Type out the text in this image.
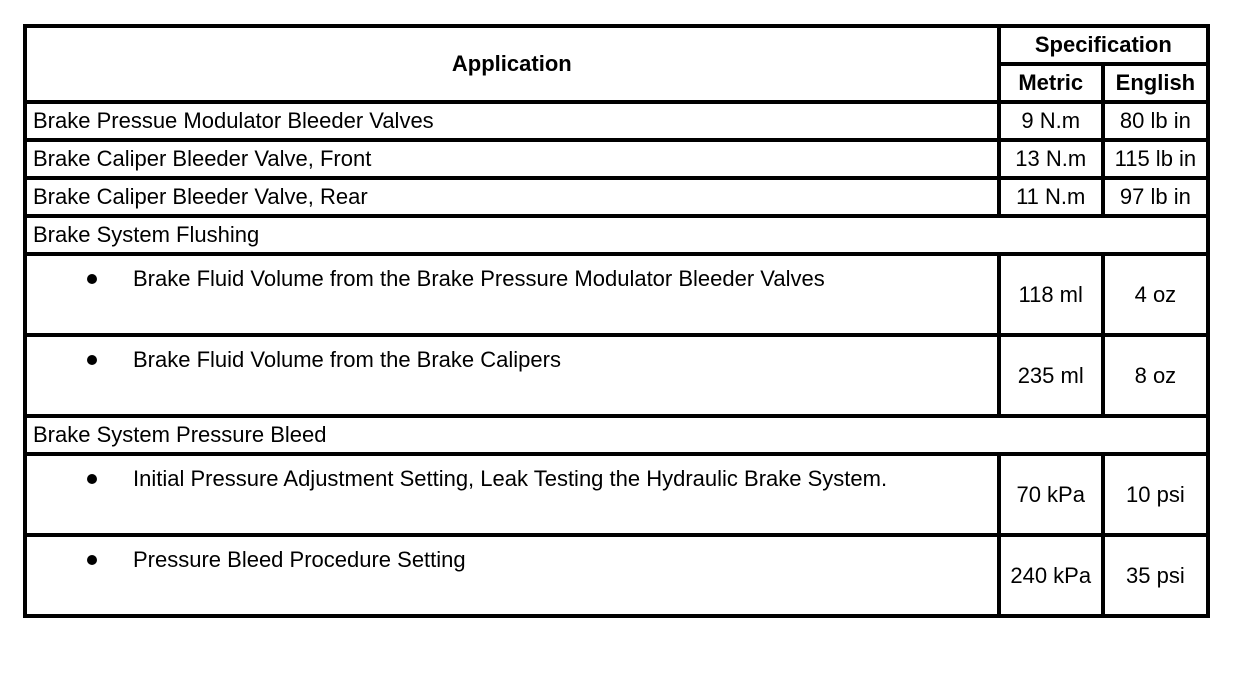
Application	Specification	
	Metric	English
Brake Pressue Modulator Bleeder Valves	9 N.m	80 lb in
Brake Caliper Bleeder Valve, Front	13 N.m	115 lb in
Brake Caliper Bleeder Valve, Rear	11 N.m	97 lb in
Brake System Flushing		

Brake Fluid Volume from the Brake Pressure Modulator Bleeder Valves	118 ml	4 oz

Brake Fluid Volume from the Brake Calipers	235 ml	8 oz
Brake System Pressure Bleed		

Initial Pressure Adjustment Setting, Leak Testing the Hydraulic Brake System.	70 kPa	10 psi

Pressure Bleed Procedure Setting	240 kPa	35 psi
